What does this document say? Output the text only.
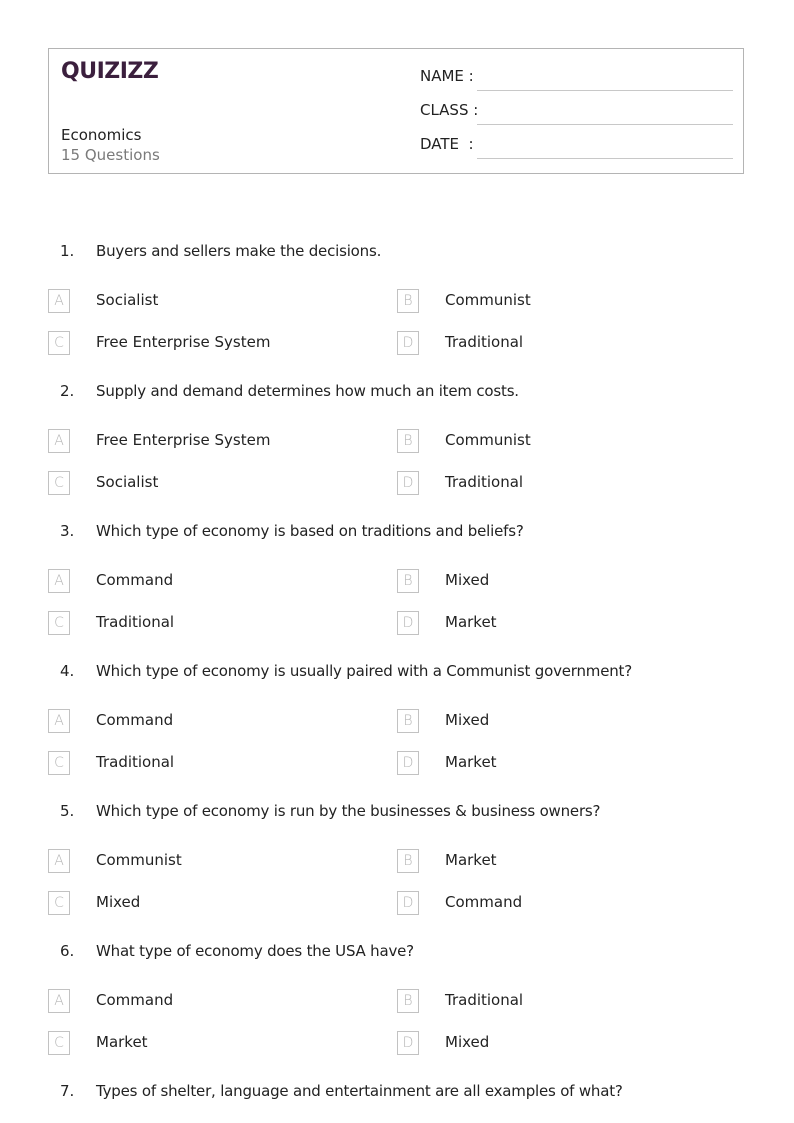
QUIZIZZ
Economics
15 Questions
NAME :
CLASS :
DATE  :
1. Buyers and sellers make the decisions.
A	Socialist	B	Communist
C	Free Enterprise System	D	Traditional
2. Supply and demand determines how much an item costs.
A	Free Enterprise System	B	Communist
C	Socialist	D	Traditional
3. Which type of economy is based on traditions and beliefs?
A	Command	B	Mixed
C	Traditional	D	Market
4. Which type of economy is usually paired with a Communist government?
A	Command	B	Mixed
C	Traditional	D	Market
5. Which type of economy is run by the businesses & business owners?
A	Communist	B	Market
C	Mixed	D	Command
6. What type of economy does the USA have?
A	Command	B	Traditional
C	Market	D	Mixed
7. Types of shelter, language and entertainment are all examples of what?
